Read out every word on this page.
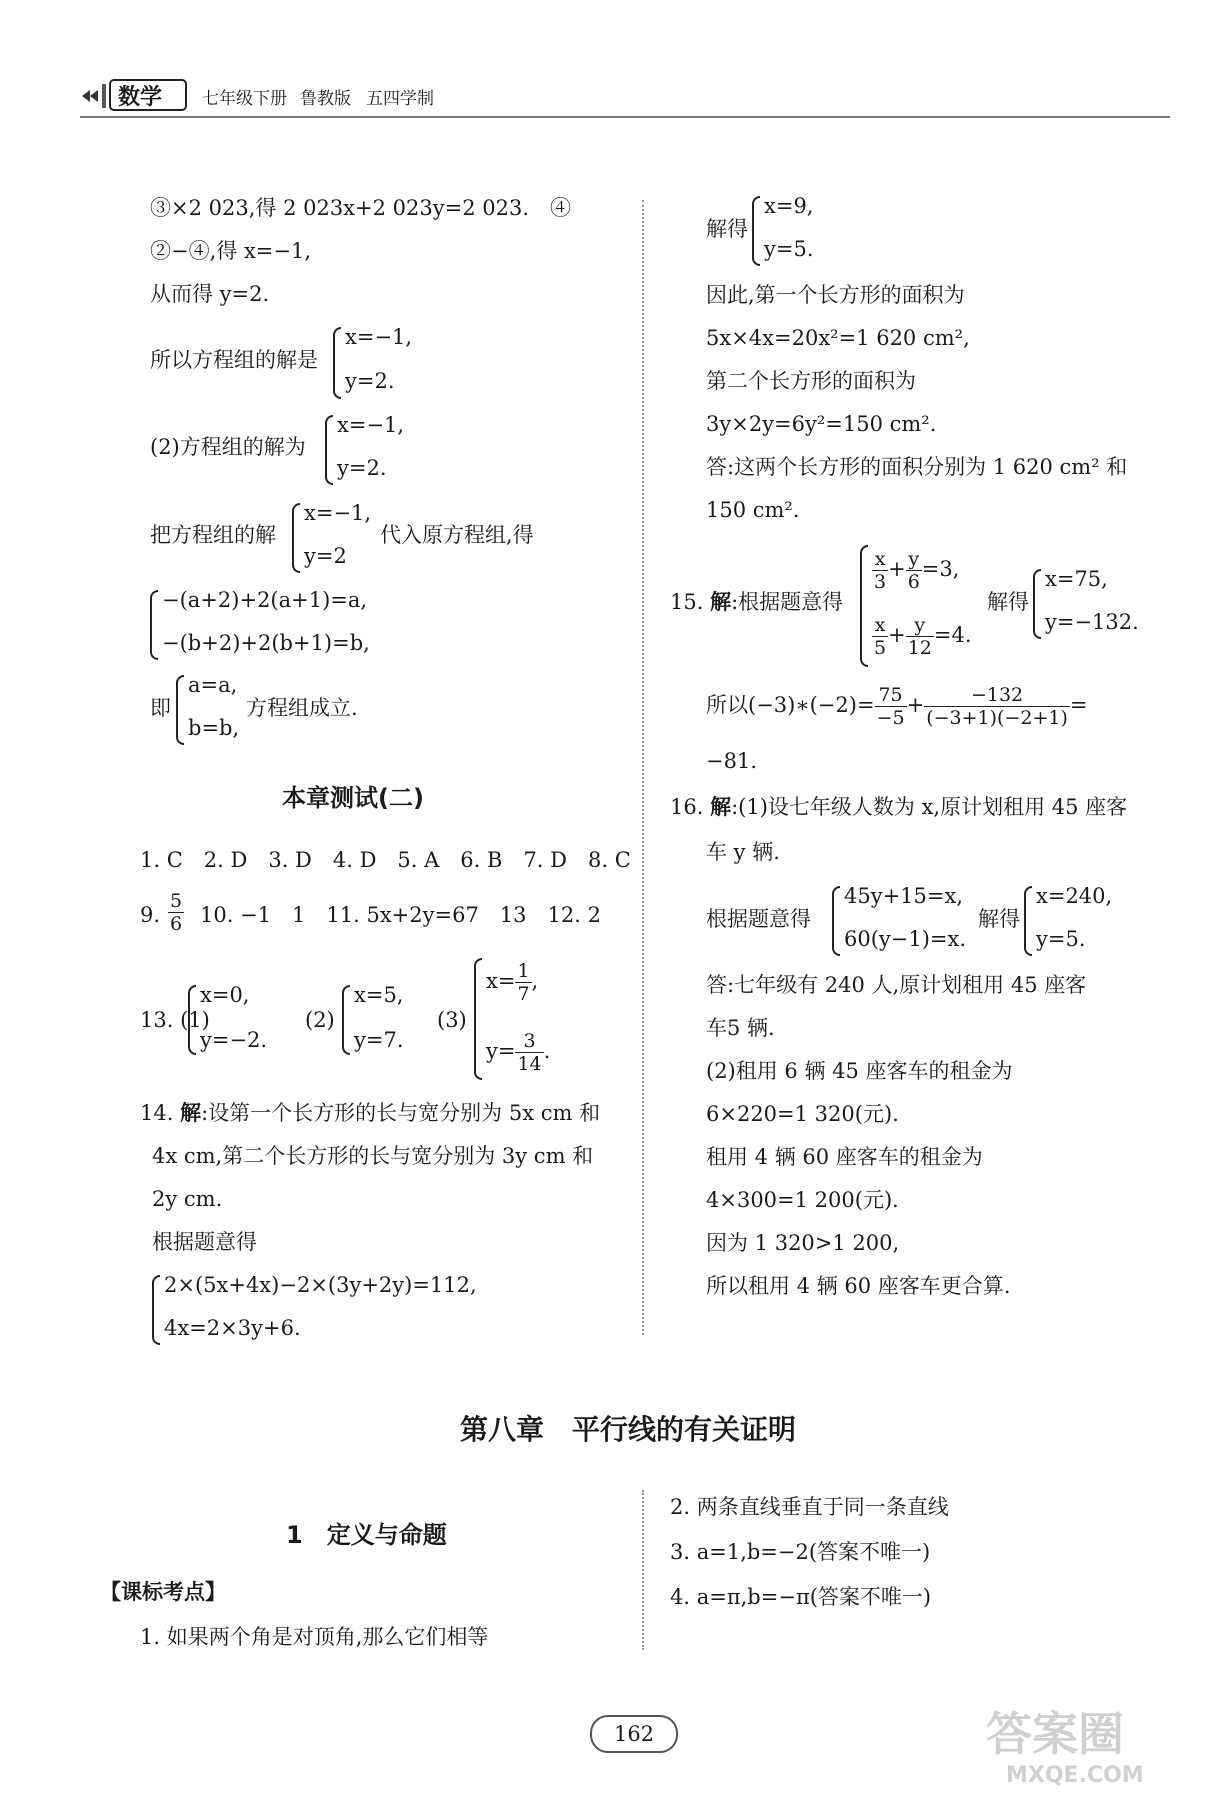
数学 七年级下册 鲁教版 五四学制
③×2 023,得 2 023x+2 023y=2 023.　④
②−④,得 x=−1,
从而得 y=2.
所以方程组的解是
x=−1,
y=2.
(2)方程组的解为
x=−1,
y=2.
把方程组的解
x=−1,
y=2
代入原方程组,得
−(a+2)+2(a+1)=a,
−(b+2)+2(b+1)=b,
即
a=a,
b=b,
方程组成立.
本章测试(二)
1. C　2. D　3. D　4. D　5. A　6. B　7. D　8. C
9. $\frac{5}{6} 10$. −1　1　11. 5x+2y=67　13　12. 2
13. (1)
x=0,
y=−2.
(2)
x=5,
y=7.
(3)
$x= \frac{1}{7}$ ,
$y= \frac{3}{14}$ .
14. 解:设第一个长方形的长与宽分别为 5x cm 和
4x cm,第二个长方形的长与宽分别为 3y cm 和
2y cm.
根据题意得
2×(5x+4x)−2×(3y+2y)=112,
4x=2×3y+6.
解得
x=9,
y=5.
因此,第一个长方形的面积为
5x×4x=20x²=1 620 cm²,
第二个长方形的面积为
3y×2y=6y²=150 cm².
答:这两个长方形的面积分别为 1 620 cm² 和
150 cm².
15. 解:根据题意得
$\frac{x}{3} + \frac{y}{6} =3$,
$\frac{x}{5} + \frac{y}{12} =4$.
解得
x=75,
y=−132.
所以(−3)∗(−2)= $\frac{75}{-5} + \frac{-132}{(-3+1)(-2+1)}$ =
−81.
16. 解:(1)设七年级人数为 x,原计划租用 45 座客
车 y 辆.
根据题意得
45y+15=x,
60(y−1)=x.
解得
x=240,
y=5.
答:七年级有 240 人,原计划租用 45 座客
车5 辆.
(2)租用 6 辆 45 座客车的租金为
6×220=1 320(元).
租用 4 辆 60 座客车的租金为
4×300=1 200(元).
因为 1 320>1 200,
所以租用 4 辆 60 座客车更合算.
第八章　平行线的有关证明
1　定义与命题
【课标考点】
1. 如果两个角是对顶角,那么它们相等
2. 两条直线垂直于同一条直线
3. a=1,b=−2(答案不唯一)
4. a=π,b=−π(答案不唯一)
162	答案圈
MXQE.COM
